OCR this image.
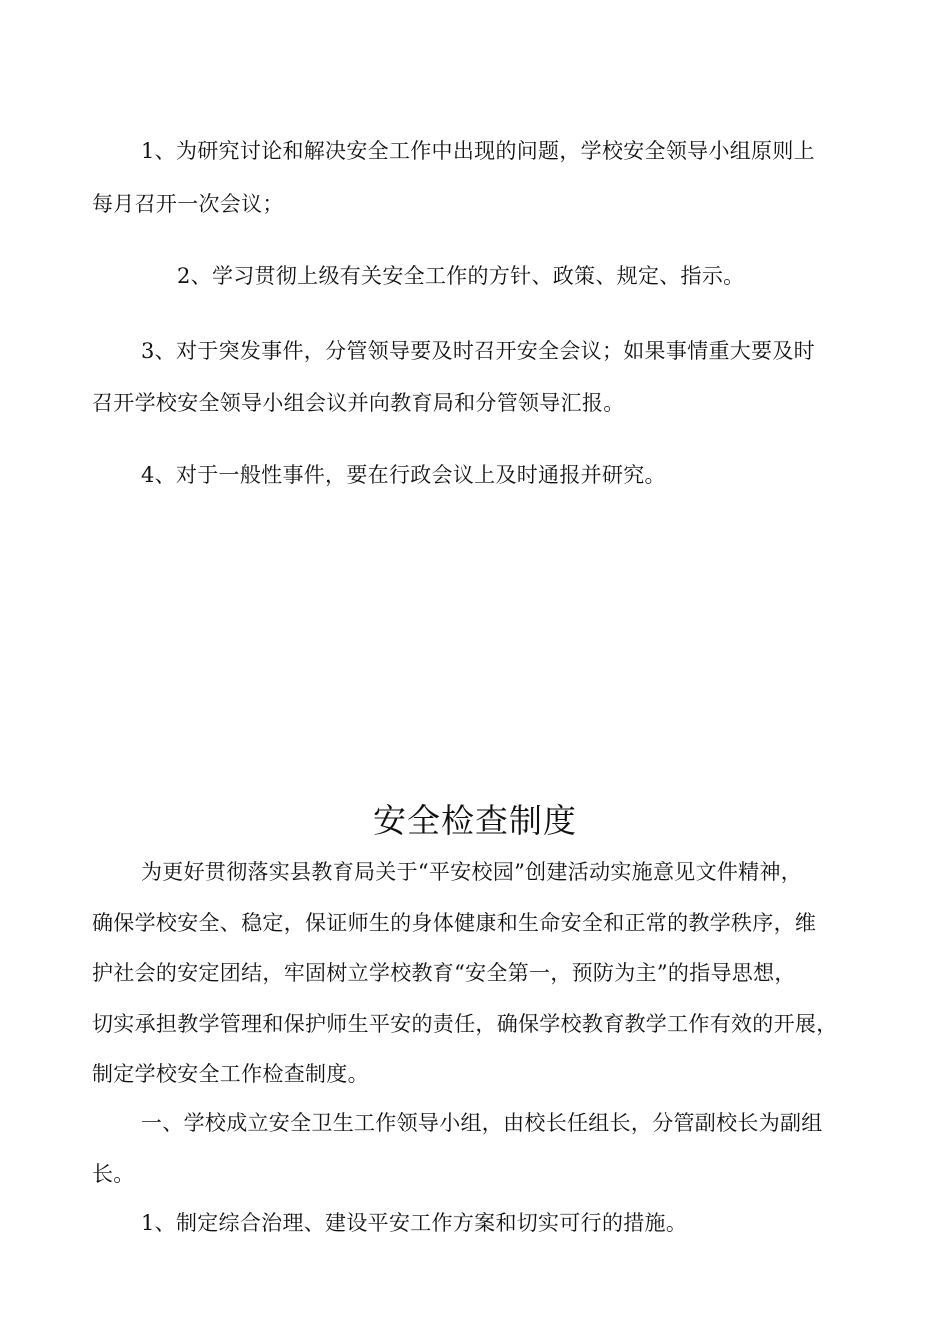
1、为研究讨论和解决安全工作中出现的问题，学校安全领导小组原则上
每月召开一次会议；
2、学习贯彻上级有关安全工作的方针、政策、规定、指示。
3、对于突发事件，分管领导要及时召开安全会议；如果事情重大要及时
召开学校安全领导小组会议并向教育局和分管领导汇报。
4、对于一般性事件，要在行政会议上及时通报并研究。
安全检查制度
为更好贯彻落实县教育局关于“平安校园”创建活动实施意见文件精神，
确保学校安全、稳定，保证师生的身体健康和生命安全和正常的教学秩序，维
护社会的安定团结，牢固树立学校教育“安全第一，预防为主”的指导思想，
切实承担教学管理和保护师生平安的责任，确保学校教育教学工作有效的开展，
制定学校安全工作检查制度。
一、学校成立安全卫生工作领导小组，由校长任组长，分管副校长为副组
长。
1、制定综合治理、建设平安工作方案和切实可行的措施。
